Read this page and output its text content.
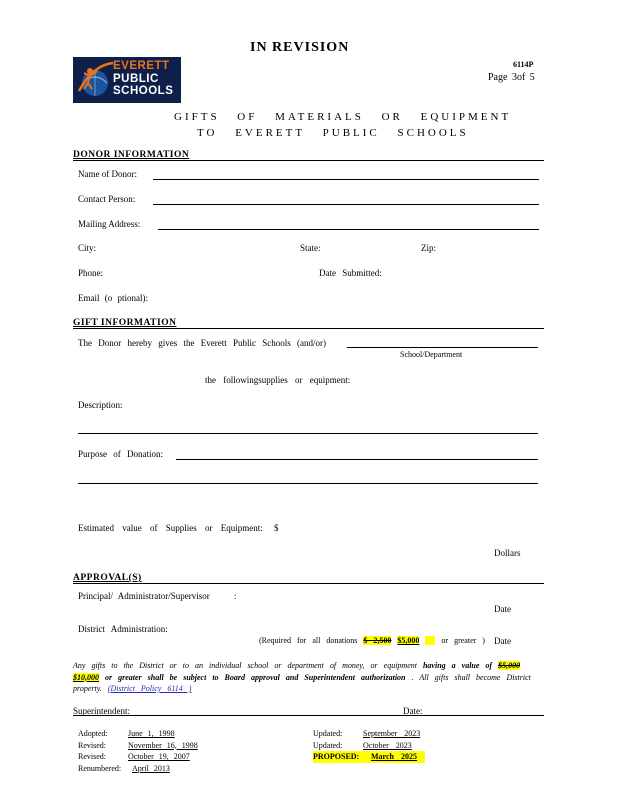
IN REVISION
6114P
Page 3of 5
EVERETT
PUBLIC
SCHOOLS
GIFTS OF MATERIALS OR EQUIPMENT
TO EVERETT PUBLIC SCHOOLS
DONOR INFORMATION
Name of Donor:
Contact Person:
Mailing Address:
City:	State:	Zip:
Phone:	Date Submitted:
Email (o ptional):
GIFT INFORMATION
The Donor hereby gives the Everett Public Schools (and/or)
School/Department
the followingsupplies or equipment:
Description:
Purpose of Donation:
Estimated value of Supplies or Equipment: $
Dollars
APPROVAL(S)
Principal/ Administrator/Supervisor	:
Date
District Administration:
(Required for all donations $ 2,500 $5,000	or greater ) Date
Any gifts to the District or to an individual school or department of money, or equipment having a value of $5,000 $10,000 or greater shall be subject to Board approval and Superintendent authorization . All gifts shall become District property. (District Policy 6114 )
Superintendent:	Date:
Adopted:	June 1, 1998
Revised:	November 16, 1998
Revised:	October 19, 2007
Renumbered: April 2013
Updated:	September 2023
Updated:	October 2023
PROPOSED: March 2025
